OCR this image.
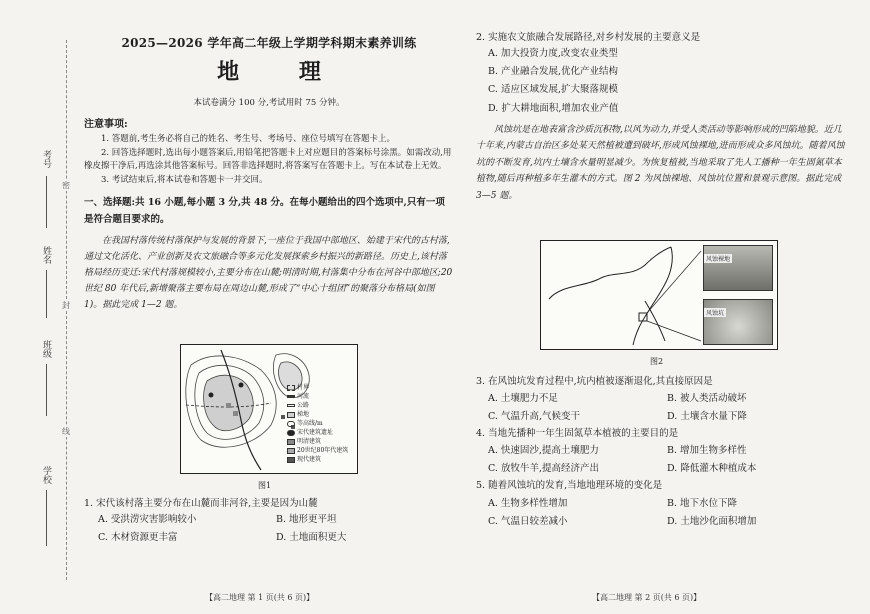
考号
姓名
班级
学校
密
封
线
2025—2026 学年高二年级上学期学科期末素养训练
地 理
本试卷满分 100 分,考试用时 75 分钟。
注意事项:

1. 答题前,考生务必将自己的姓名、考生号、考场号、座位号填写在答题卡上。

2. 回答选择题时,选出每小题答案后,用铅笔把答题卡上对应题目的答案标号涂黑。如需改动,用橡皮擦干净后,再选涂其他答案标号。回答非选择题时,将答案写在答题卡上。写在本试卷上无效。

3. 考试结束后,将本试卷和答题卡一并交回。

一、选择题:共 16 小题,每小题 3 分,共 48 分。在每小题给出的四个选项中,只有一项是符合题目要求的。

在我国村落传统村落保护与发展的背景下,一座位于我国中部地区、始建于宋代的古村落,通过文化活化、产业创新及农文旅融合等多元化发展探索乡村振兴的新路径。历史上,该村落格局经历变迁:宋代村落规模较小,主要分布在山麓;明清时期,村落集中分布在河谷中部地区;20 世纪 80 年代后,新增聚落主要布局在周边山麓,形成了“中心十组团”的聚落分布格局(如图 1)。据此完成 1—2 题。

村界
河流
公路
梯地
等高线/m
宋代建筑遗址
明清建筑
20世纪80年代建筑
现代建筑
图1
1. 宋代该村落主要分布在山麓而非河谷,主要是因为山麓
A. 受洪涝灾害影响较小	B. 地形更平坦
C. 木材资源更丰富	D. 土地面积更大
【高二地理 第 1 页(共 6 页)】
2. 实施农文旅融合发展路径,对乡村发展的主要意义是
A. 加大投资力度,改变农业类型
B. 产业融合发展,优化产业结构
C. 适应区域发展,扩大聚落规模
D. 扩大耕地面积,增加农业产值

风蚀坑是在地表富含沙质沉积物,以风为动力,并受人类活动等影响形成的凹陷地貌。近几十年来,内蒙古自治区多处某天然植被遭到破坏,形成风蚀裸地,进而形成众多风蚀坑。随着风蚀坑的不断发育,坑内土壤含水量明显减少。为恢复植被,当地采取了先人工播种一年生固氮草本植物,随后再种植多年生灌木的方式。图 2 为风蚀裸地、风蚀坑位置和景观示意图。据此完成 3—5 题。

风蚀裸地
风蚀坑
图2
3. 在风蚀坑发育过程中,坑内植被逐渐退化,其直接原因是
A. 土壤肥力不足	B. 被人类活动破坏
C. 气温升高,气候变干	D. 土壤含水量下降
4. 当地先播种一年生固氮草本植被的主要目的是
A. 快速固沙,提高土壤肥力	B. 增加生物多样性
C. 放牧牛羊,提高经济产出	D. 降低灌木种植成本
5. 随着风蚀坑的发育,当地地理环境的变化是
A. 生物多样性增加	B. 地下水位下降
C. 气温日较差减小	D. 土地沙化面积增加
【高二地理 第 2 页(共 6 页)】
